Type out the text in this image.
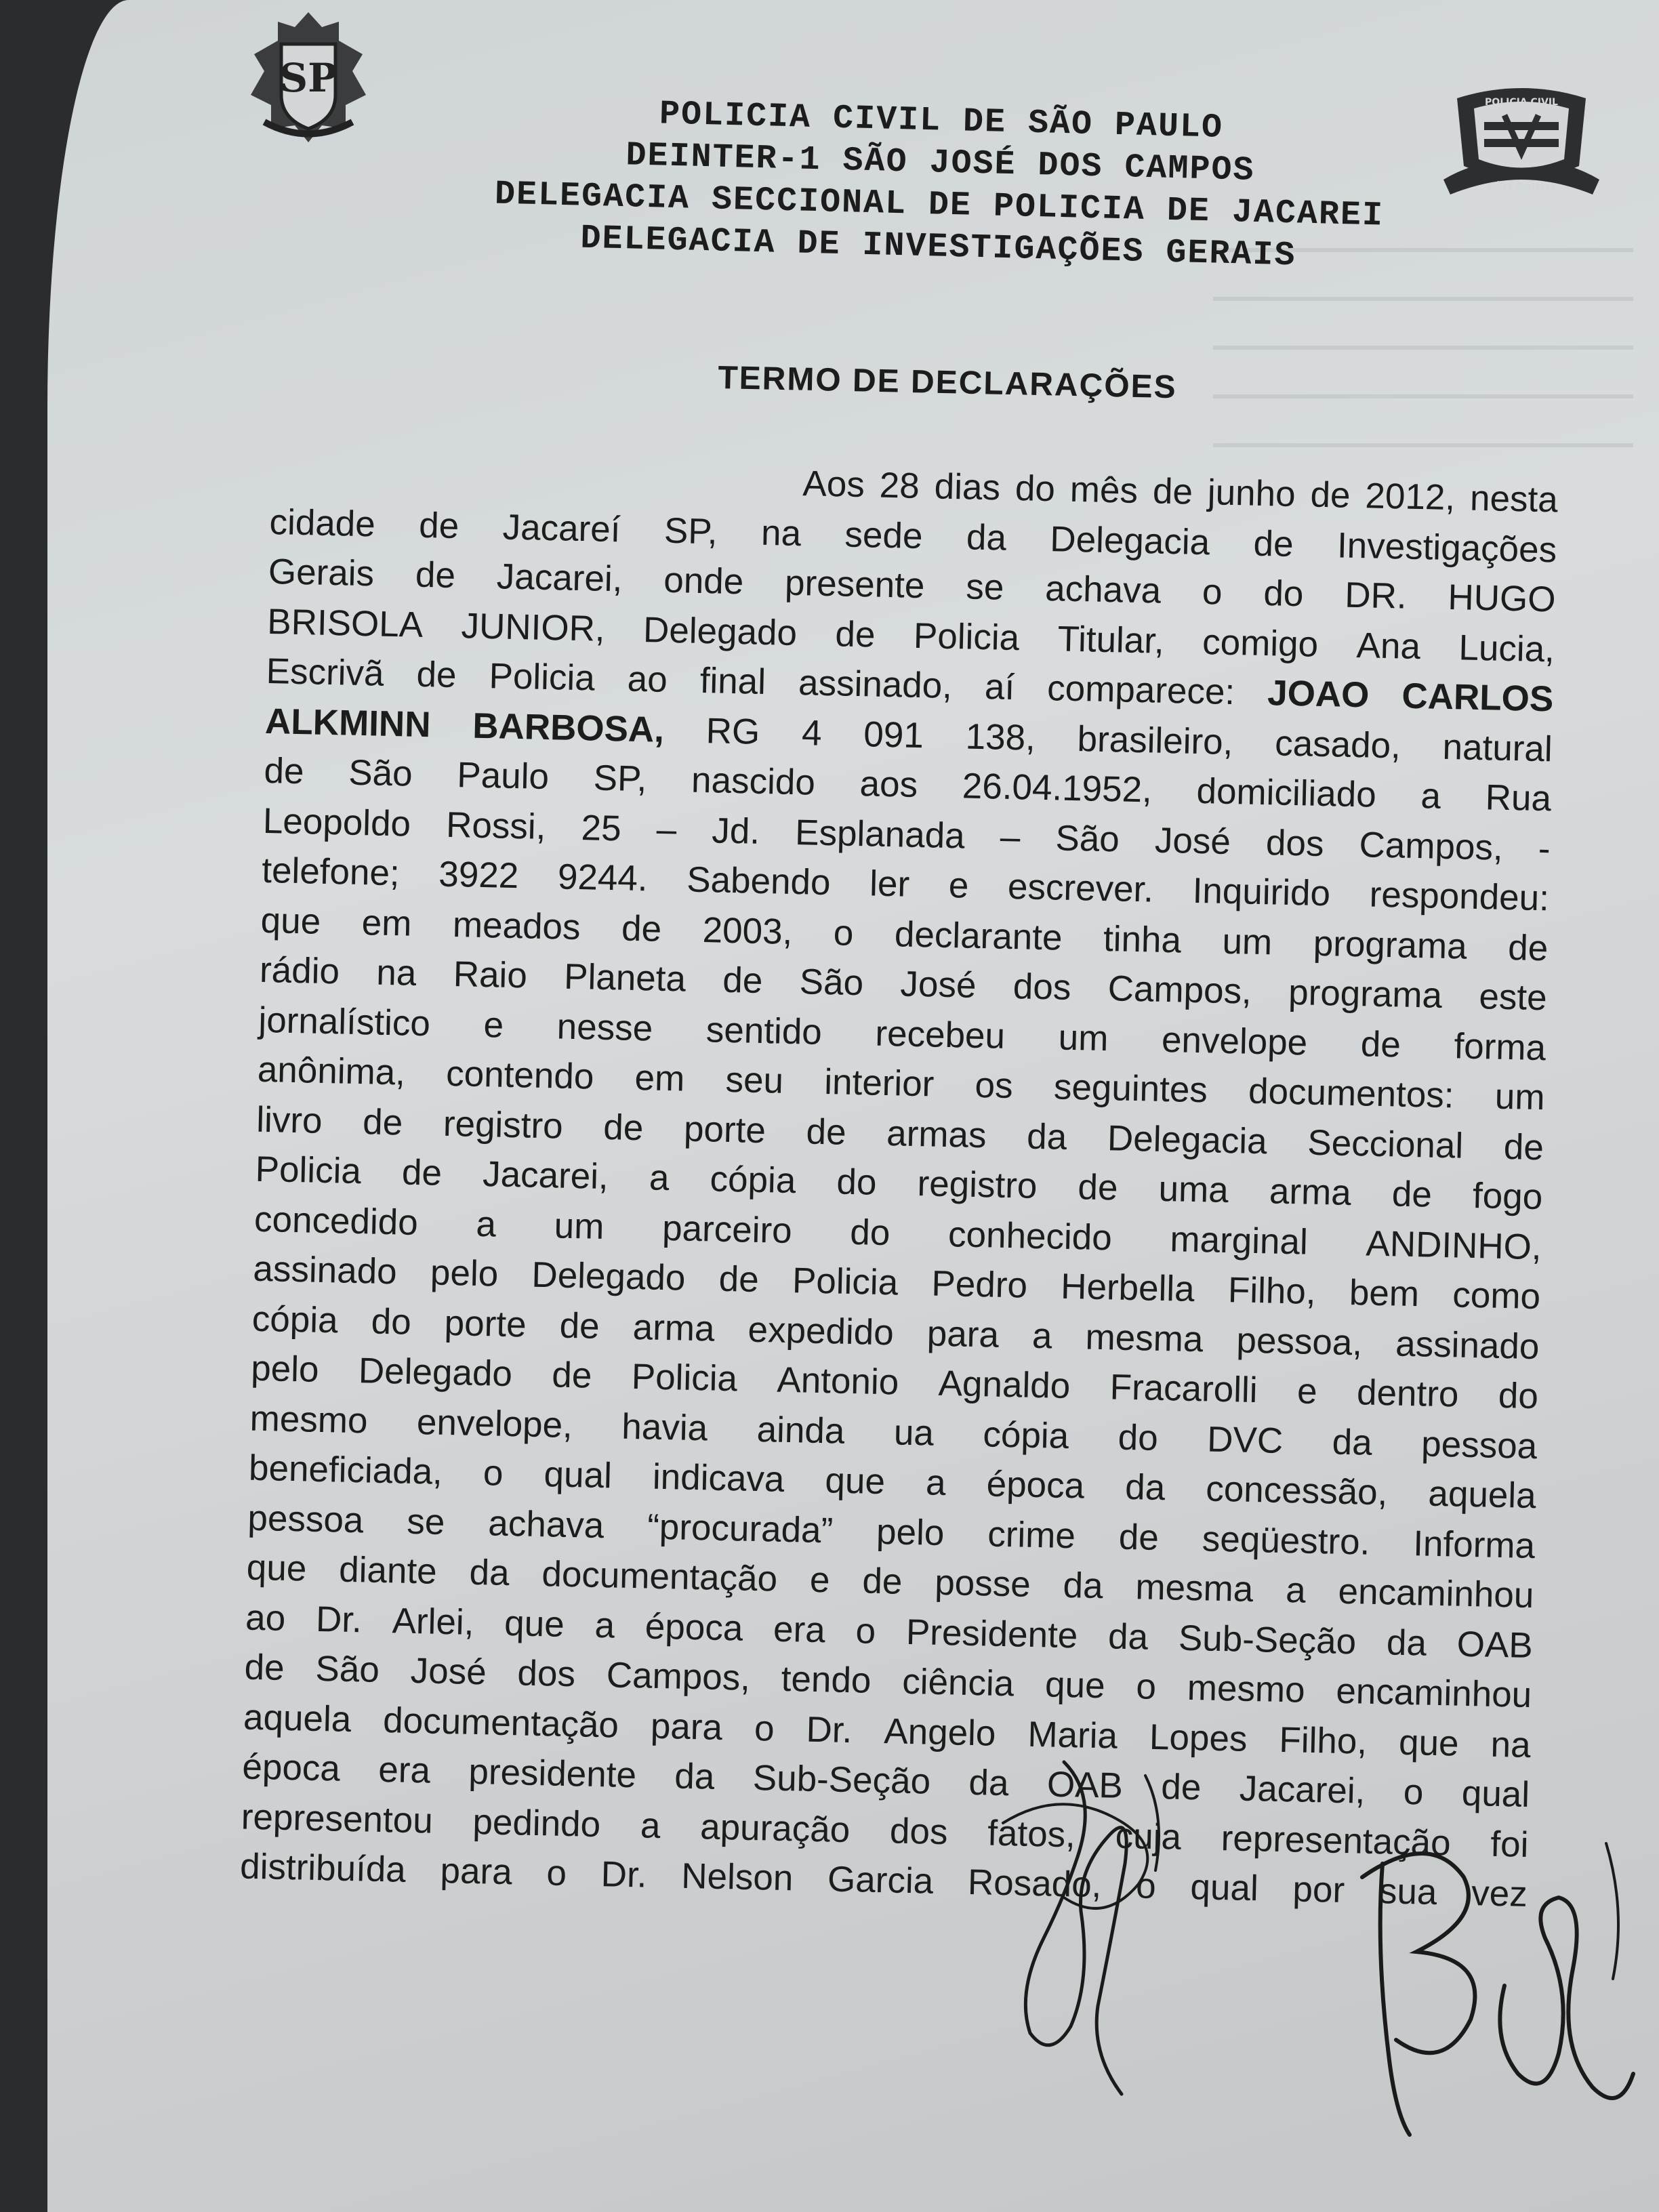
SP
POLICIA CIVIL
SÃO PAULO
POLICIA CIVIL DE SÃO PAULO
DEINTER-1 SÃO JOSÉ DOS CAMPOS
DELEGACIA SECCIONAL DE POLICIA DE JACAREI
DELEGACIA DE INVESTIGAÇÕES GERAIS
TERMO DE DECLARAÇÕES
Aos 28 dias do mês de junho de 2012, nesta
cidade de Jacareí SP, na sede da Delegacia de Investigações
Gerais de Jacarei, onde presente se achava o do DR. HUGO
BRISOLA JUNIOR, Delegado de Policia Titular, comigo Ana Lucia,
Escrivã de Policia ao final assinado, aí comparece: JOAO CARLOS
ALKMINN BARBOSA, RG 4 091 138, brasileiro, casado, natural
de São Paulo SP, nascido aos 26.04.1952, domiciliado a Rua
Leopoldo Rossi, 25 – Jd. Esplanada – São José dos Campos, -
telefone; 3922 9244. Sabendo ler e escrever. Inquirido respondeu:
que em meados de 2003, o declarante tinha um programa de
rádio na Raio Planeta de São José dos Campos, programa este
jornalístico e nesse sentido recebeu um envelope de forma
anônima, contendo em seu interior os seguintes documentos: um
livro de registro de porte de armas da Delegacia Seccional de
Policia de Jacarei, a cópia do registro de uma arma de fogo
concedido a um parceiro do conhecido marginal ANDINHO,
assinado pelo Delegado de Policia Pedro Herbella Filho, bem como
cópia do porte de arma expedido para a mesma pessoa, assinado
pelo Delegado de Policia Antonio Agnaldo Fracarolli e dentro do
mesmo envelope, havia ainda ua cópia do DVC da pessoa
beneficiada, o qual indicava que a época da concessão, aquela
pessoa se achava “procurada” pelo crime de seqüestro. Informa
que diante da documentação e de posse da mesma a encaminhou
ao Dr. Arlei, que a época era o Presidente da Sub-Seção da OAB
de São José dos Campos, tendo ciência que o mesmo encaminhou
aquela documentação para o Dr. Angelo Maria Lopes Filho, que na
época era presidente da Sub-Seção da OAB de Jacarei, o qual
representou pedindo a apuração dos fatos, cuja representação foi
distribuída para o Dr. Nelson Garcia Rosado, o qual por sua vez
